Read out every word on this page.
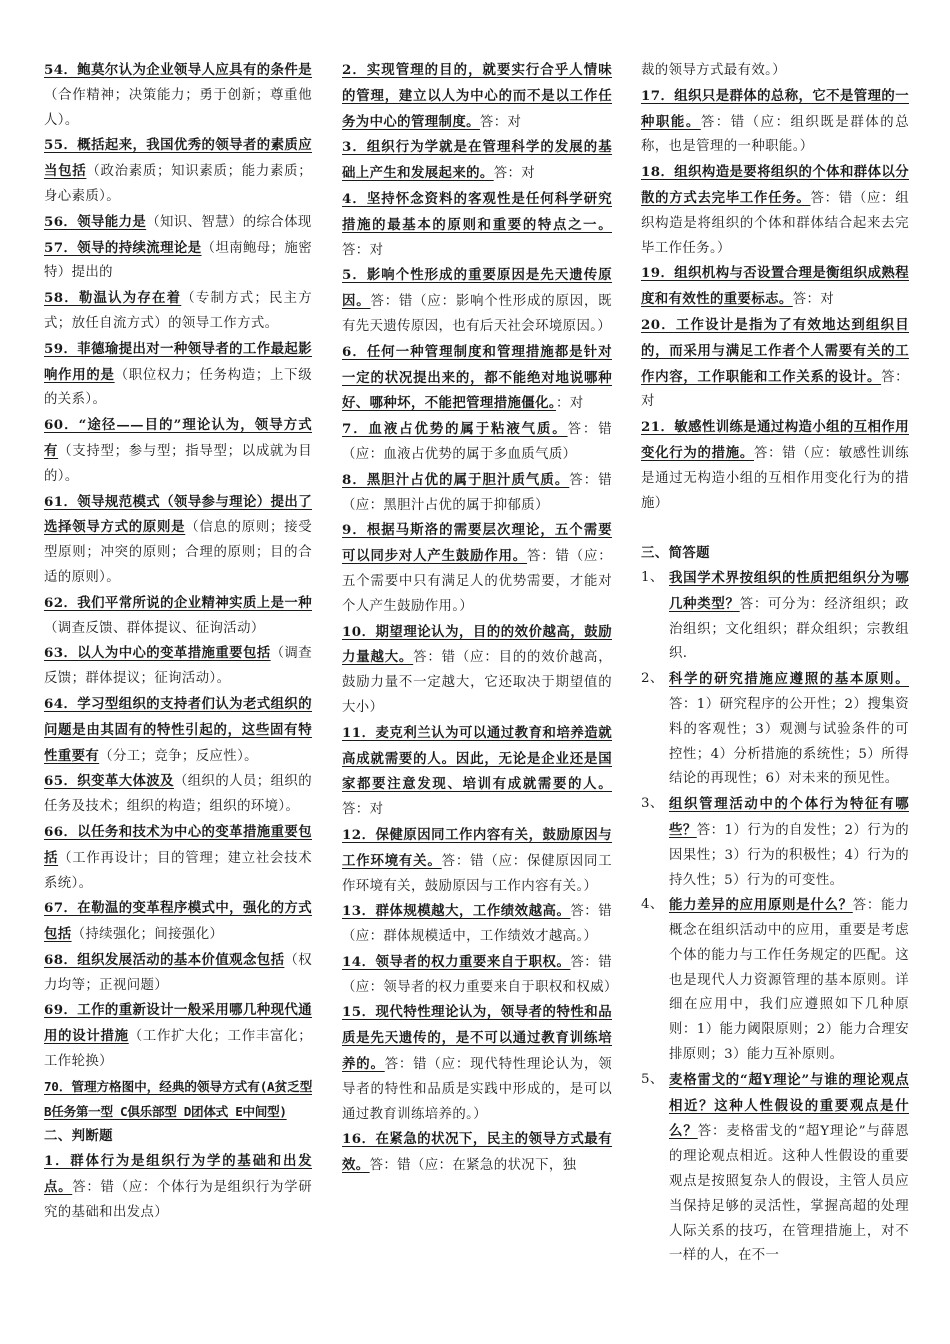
54．鲍莫尔认为企业领导人应具有的条件是（合作精神；决策能力；勇于创新；尊重他人）。

55．概括起来，我国优秀的领导者的素质应当包括（政治素质；知识素质；能力素质；身心素质）。

56．领导能力是（知识、智慧）的综合体现

57．领导的持续流理论是（坦南鲍母；施密特）提出的

58．勒温认为存在着（专制方式；民主方式；放任自流方式）的领导工作方式。

59．菲德瑜提出对一种领导者的工作最起影响作用的是（职位权力；任务构造；上下级的关系）。

60．“途径——目的”理论认为，领导方式有（支持型；参与型；指导型；以成就为目的）。

61．领导规范模式（领导参与理论）提出了选择领导方式的原则是（信息的原则；接受型原则；冲突的原则；合理的原则；目的合适的原则）。

62．我们平常所说的企业精神实质上是一种（调查反馈、群体提议、征询活动）

63．以人为中心的变革措施重要包括（调查反馈；群体提议；征询活动）。

64．学习型组织的支持者们认为老式组织的问题是由其固有的特性引起的，这些固有特性重要有（分工；竞争；反应性）。

65．织变革大体波及（组织的人员；组织的任务及技术；组织的构造；组织的环境）。

66．以任务和技术为中心的变革措施重要包括（工作再设计；目的管理；建立社会技术系统）。

67．在勒温的变革程序模式中，强化的方式包括（持续强化；间接强化）

68．组织发展活动的基本价值观念包括（权力均等；正视问题）

69．工作的重新设计一般采用哪几种现代通用的设计措施（工作扩大化；工作丰富化；工作轮换）

70．管理方格图中，经典的领导方式有(A贫乏型 B任务第一型 C俱乐部型 D团体式 E中间型)

二、判断题

1．群体行为是组织行为学的基础和出发点。答：错（应：个体行为是组织行为学研究的基础和出发点）

2．实现管理的目的，就要实行合乎人情味的管理，建立以人为中心的而不是以工作任务为中心的管理制度。答：对

3．组织行为学就是在管理科学的发展的基础上产生和发展起来的。答：对

4．坚持怀念资料的客观性是任何科学研究措施的最基本的原则和重要的特点之一。答：对

5．影响个性形成的重要原因是先天遗传原因。答：错（应：影响个性形成的原因，既有先天遗传原因，也有后天社会环境原因。）

6．任何一种管理制度和管理措施都是针对一定的状况提出来的，都不能绝对地说哪种好、哪种坏，不能把管理措施僵化。：对

7．血液占优势的属于粘液气质。答：错（应：血液占优势的属于多血质气质）

8．黑胆汁占优的属于胆汁质气质。答：错（应：黑胆汁占优的属于抑郁质）

9．根据马斯洛的需要层次理论，五个需要可以同步对人产生鼓励作用。答：错（应：五个需要中只有满足人的优势需要，才能对个人产生鼓励作用。）

10．期望理论认为，目的的效价越高，鼓励力量越大。答：错（应：目的的效价越高，鼓励力量不一定越大，它还取决于期望值的大小）

11．麦克利兰认为可以通过教育和培养造就高成就需要的人。因此，无论是企业还是国家都要注意发现、培训有成就需要的人。答：对

12．保健原因同工作内容有关，鼓励原因与工作环境有关。答：错（应：保健原因同工作环境有关，鼓励原因与工作内容有关。）

13．群体规模越大，工作绩效越高。答：错（应：群体规模适中，工作绩效才越高。）

14．领导者的权力重要来自于职权。答：错（应：领导者的权力重要来自于职权和权威）

15．现代特性理论认为，领导者的特性和品质是先天遗传的，是不可以通过教育训练培养的。答：错（应：现代特性理论认为，领导者的特性和品质是实践中形成的，是可以通过教育训练培养的。）

16．在紧急的状况下，民主的领导方式最有效。答：错（应：在紧急的状况下，独

裁的领导方式最有效。）

17．组织只是群体的总称，它不是管理的一种职能。答：错（应：组织既是群体的总称，也是管理的一种职能。）

18．组织构造是要将组织的个体和群体以分散的方式去完毕工作任务。答：错（应：组织构造是将组织的个体和群体结合起来去完毕工作任务。）

19．组织机构与否设置合理是衡组织成熟程度和有效性的重要标志。答：对

20．工作设计是指为了有效地达到组织目的，而采用与满足工作者个人需要有关的工作内容，工作职能和工作关系的设计。答：对

21．敏感性训练是通过构造小组的互相作用变化行为的措施。答：错（应：敏感性训练是通过无构造小组的互相作用变化行为的措施）

三、简答题

1、 我国学术界按组织的性质把组织分为哪几种类型？答：可分为：经济组织；政治组织；文化组织；群众组织；宗教组织.
2、 科学的研究措施应遵照的基本原则。答：1）研究程序的公开性；2）搜集资料的客观性；3）观测与试验条件的可控性；4）分析措施的系统性；5）所得结论的再现性；6）对未来的预见性。
3、 组织管理活动中的个体行为特征有哪些？答：1）行为的自发性；2）行为的因果性；3）行为的积极性；4）行为的持久性；5）行为的可变性。
4、 能力差异的应用原则是什么？答：能力概念在组织活动中的应用，重要是考虑个体的能力与工作任务规定的匹配。这也是现代人力资源管理的基本原则。详细在应用中，我们应遵照如下几种原则：1）能力阈限原则；2）能力合理安排原则；3）能力互补原则。
5、 麦格雷戈的“超Y理论”与谁的理论观点相近？这种人性假设的重要观点是什么？答：麦格雷戈的“超Y理论”与薛恩的理论观点相近。这种人性假设的重要观点是按照复杂人的假设，主管人员应当保持足够的灵活性，掌握高超的处理人际关系的技巧，在管理措施上，对不一样的人，在不一
